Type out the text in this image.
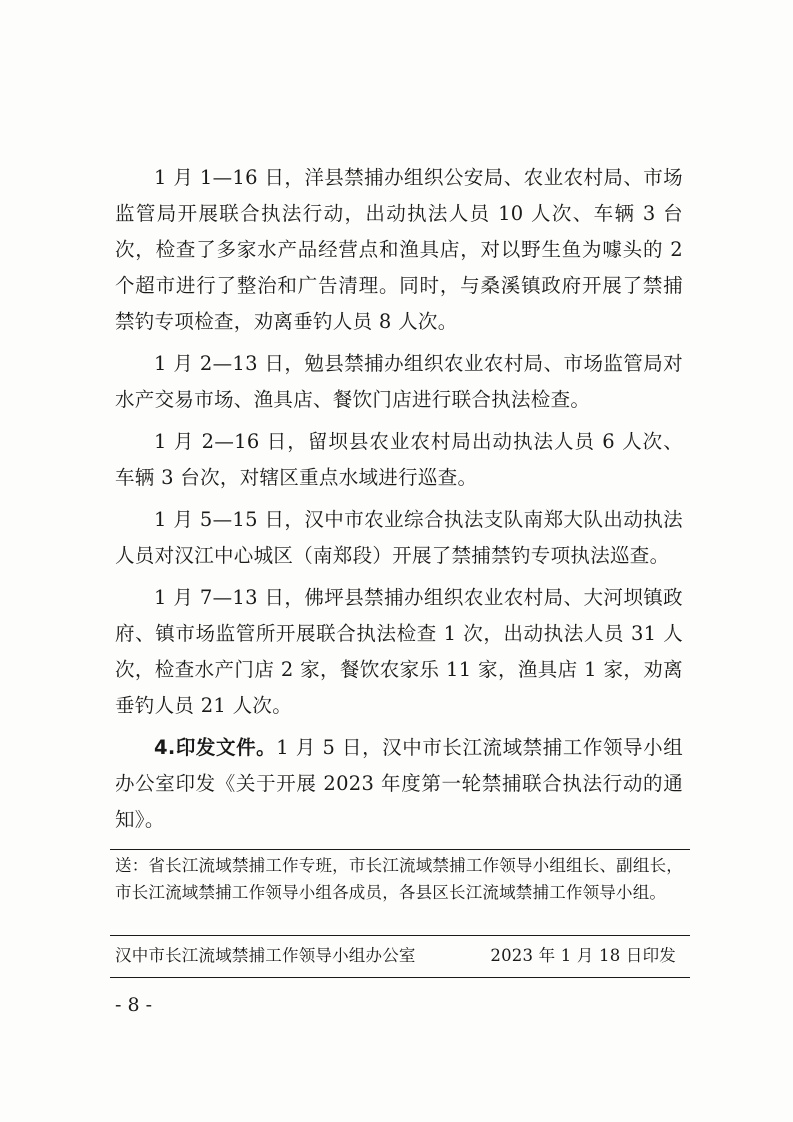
1 月 1—16 日，洋县禁捕办组织公安局、农业农村局、市场监管局开展联合执法行动，出动执法人员 10 人次、车辆 3 台次，检查了多家水产品经营点和渔具店，对以野生鱼为噱头的 2 个超市进行了整治和广告清理。同时，与桑溪镇政府开展了禁捕禁钓专项检查，劝离垂钓人员 8 人次。

1 月 2—13 日，勉县禁捕办组织农业农村局、市场监管局对水产交易市场、渔具店、餐饮门店进行联合执法检查。

1 月 2—16 日，留坝县农业农村局出动执法人员 6 人次、车辆 3 台次，对辖区重点水域进行巡查。

1 月 5—15 日，汉中市农业综合执法支队南郑大队出动执法人员对汉江中心城区（南郑段）开展了禁捕禁钓专项执法巡查。

1 月 7—13 日，佛坪县禁捕办组织农业农村局、大河坝镇政府、镇市场监管所开展联合执法检查 1 次，出动执法人员 31 人次，检查水产门店 2 家，餐饮农家乐 11 家，渔具店 1 家，劝离垂钓人员 21 人次。

4.印发文件。1 月 5 日，汉中市长江流域禁捕工作领导小组办公室印发《关于开展 2023 年度第一轮禁捕联合执法行动的通知》。

送：省长江流域禁捕工作专班，市长江流域禁捕工作领导小组组长、副组长，市长江流域禁捕工作领导小组各成员，各县区长江流域禁捕工作领导小组。

汉中市长江流域禁捕工作领导小组办公室	2023 年 1 月 18 日印发
- 8 -
